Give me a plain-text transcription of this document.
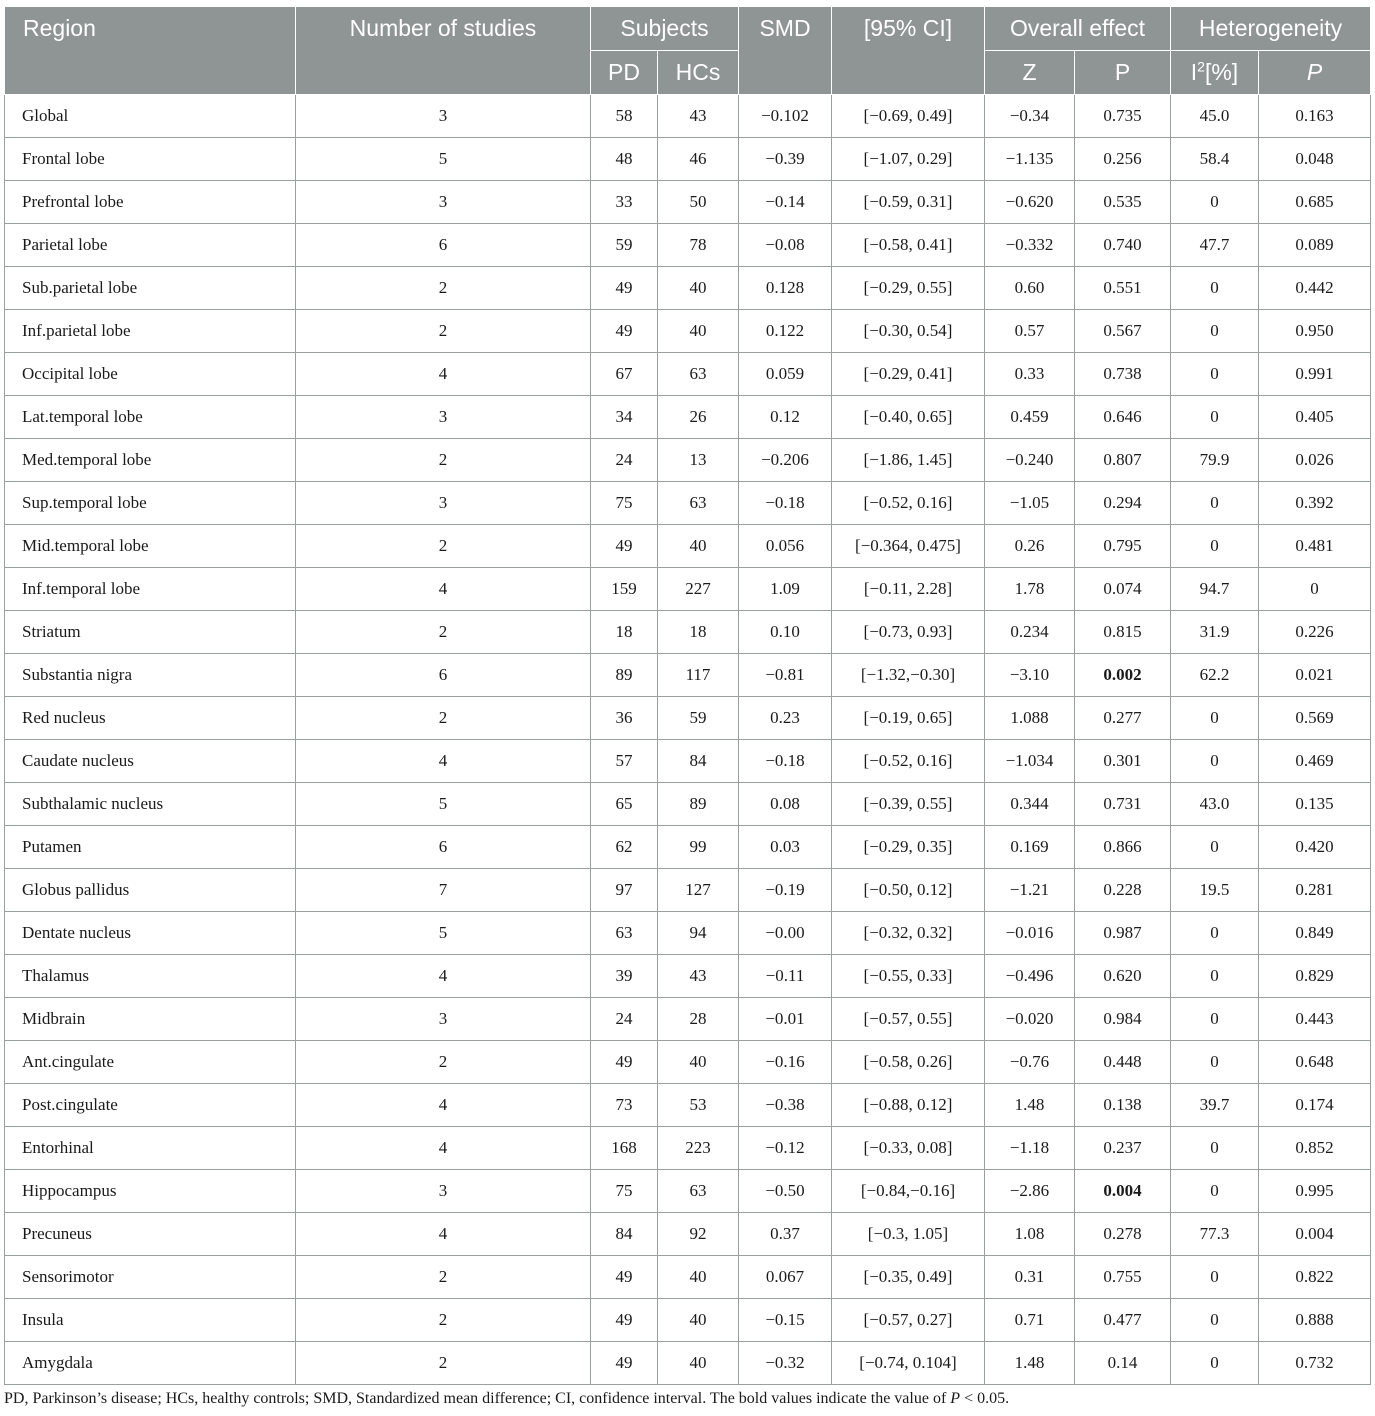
Region	Number of studies	Subjects		SMD	[95% CI]	Overall effect		Heterogeneity	
		PD	HCs			Z	P	$I^2[\%]$	P
Global	3	58	43	−0.102	[−0.69, 0.49]	−0.34	0.735	45.0	0.163
Frontal lobe	5	48	46	−0.39	[−1.07, 0.29]	−1.135	0.256	58.4	0.048
Prefrontal lobe	3	33	50	−0.14	[−0.59, 0.31]	−0.620	0.535	0	0.685
Parietal lobe	6	59	78	−0.08	[−0.58, 0.41]	−0.332	0.740	47.7	0.089
Sub.parietal lobe	2	49	40	0.128	[−0.29, 0.55]	0.60	0.551	0	0.442
Inf.parietal lobe	2	49	40	0.122	[−0.30, 0.54]	0.57	0.567	0	0.950
Occipital lobe	4	67	63	0.059	[−0.29, 0.41]	0.33	0.738	0	0.991
Lat.temporal lobe	3	34	26	0.12	[−0.40, 0.65]	0.459	0.646	0	0.405
Med.temporal lobe	2	24	13	−0.206	[−1.86, 1.45]	−0.240	0.807	79.9	0.026
Sup.temporal lobe	3	75	63	−0.18	[−0.52, 0.16]	−1.05	0.294	0	0.392
Mid.temporal lobe	2	49	40	0.056	[−0.364, 0.475]	0.26	0.795	0	0.481
Inf.temporal lobe	4	159	227	1.09	[−0.11, 2.28]	1.78	0.074	94.7	0
Striatum	2	18	18	0.10	[−0.73, 0.93]	0.234	0.815	31.9	0.226
Substantia nigra	6	89	117	−0.81	[−1.32,−0.30]	−3.10	0.002	62.2	0.021
Red nucleus	2	36	59	0.23	[−0.19, 0.65]	1.088	0.277	0	0.569
Caudate nucleus	4	57	84	−0.18	[−0.52, 0.16]	−1.034	0.301	0	0.469
Subthalamic nucleus	5	65	89	0.08	[−0.39, 0.55]	0.344	0.731	43.0	0.135
Putamen	6	62	99	0.03	[−0.29, 0.35]	0.169	0.866	0	0.420
Globus pallidus	7	97	127	−0.19	[−0.50, 0.12]	−1.21	0.228	19.5	0.281
Dentate nucleus	5	63	94	−0.00	[−0.32, 0.32]	−0.016	0.987	0	0.849
Thalamus	4	39	43	−0.11	[−0.55, 0.33]	−0.496	0.620	0	0.829
Midbrain	3	24	28	−0.01	[−0.57, 0.55]	−0.020	0.984	0	0.443
Ant.cingulate	2	49	40	−0.16	[−0.58, 0.26]	−0.76	0.448	0	0.648
Post.cingulate	4	73	53	−0.38	[−0.88, 0.12]	1.48	0.138	39.7	0.174
Entorhinal	4	168	223	−0.12	[−0.33, 0.08]	−1.18	0.237	0	0.852
Hippocampus	3	75	63	−0.50	[−0.84,−0.16]	−2.86	0.004	0	0.995
Precuneus	4	84	92	0.37	[−0.3, 1.05]	1.08	0.278	77.3	0.004
Sensorimotor	2	49	40	0.067	[−0.35, 0.49]	0.31	0.755	0	0.822
Insula	2	49	40	−0.15	[−0.57, 0.27]	0.71	0.477	0	0.888
Amygdala	2	49	40	−0.32	[−0.74, 0.104]	1.48	0.14	0	0.732
PD, Parkinson’s disease; HCs, healthy controls; SMD, Standardized mean difference; CI, confidence interval. The bold values indicate the value of P < 0.05.
